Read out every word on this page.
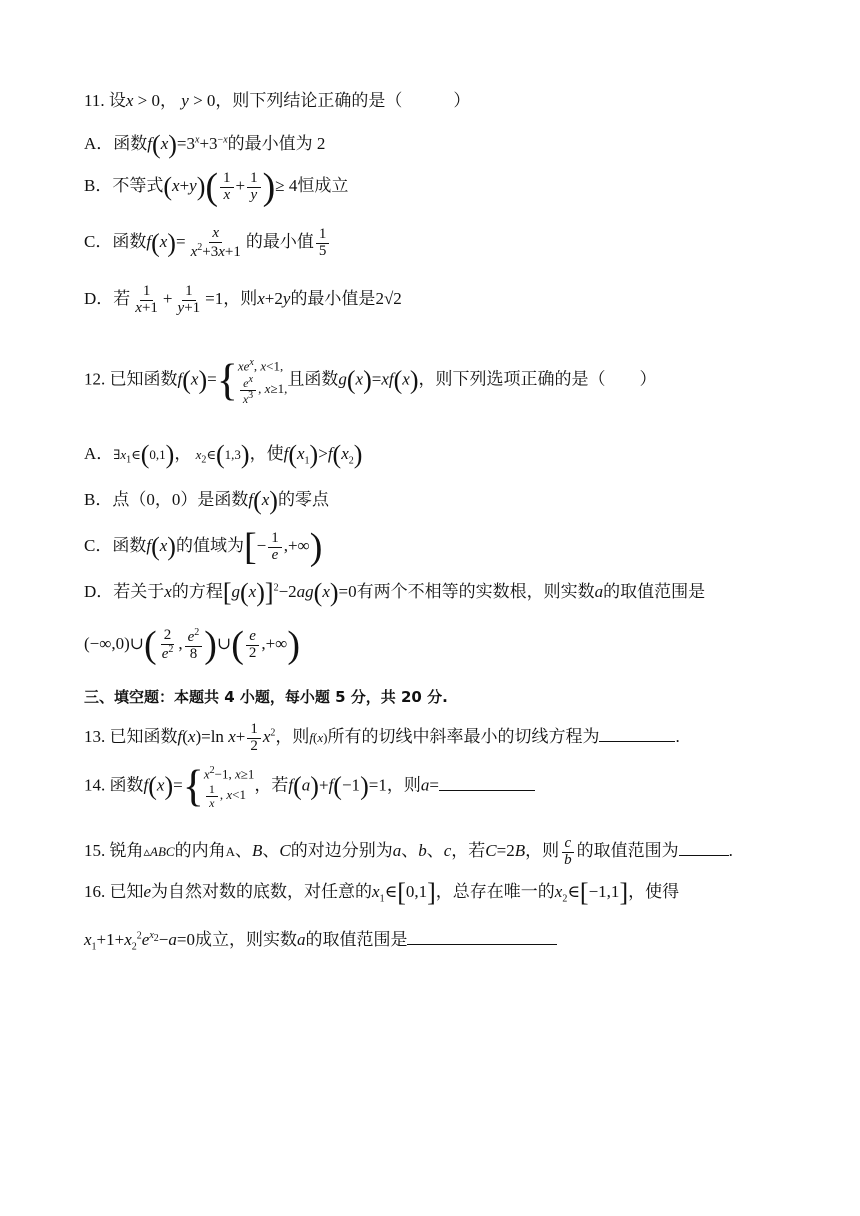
11. 设x > 0， y > 0，则下列结论正确的是（　　　）
A．函数$f(x)=3^x+3^{-x}$的最小值为 2
B．不等式$(x+y)( \frac{1}{x} + \frac{1}{y}$ )≥ 4恒成立
C．函数$f(x)= \frac{x}{x^2+3x+1}$ 的最小值 $\frac{1}{5}$
D．若 $\frac{1}{x+1} + \frac{1}{y+1} =1$，则x+2y的最小值是2√2
12. 已知函数f(x)={ $xe^x$, x<1,
$\frac{e^x}{x^3}$ , x≥1,
且函数g(x)=xf(x)，则下列选项正确的是（　　）
A．$\exists x_1\in(0,1)$， $x_2\in(1,3)$，使$f(x_1)>f(x_2)$
B．点（0，0）是函数f(x)的零点
C．函数f(x)的值域为[− $\frac{1}{e}$ ,+∞)
D．若关于x的方程$[g(x)]^2-2ag(x)=0$有两个不相等的实数根，则实数a的取值范围是
(−∞,0)∪( $\frac{2}{e^2}$ , $\frac{e^2}{8}$ )∪( $\frac{e}{2}$ ,+∞)
三、填空题：本题共 4 小题，每小题 5 分，共 20 分.
13. 已知函数f(x)=ln $x+ \frac{1}{2} x^2$，则f(x)所有的切线中斜率最小的切线方程为	.
14. 函数f(x)={ $x^2-1$, x≥1
$\frac{1}{x}$ , x<1
，若f(a)+f(−1)=1，则a=
15. 锐角▵ABC的内角A、B、C的对边分别为a、b、c，若C=2B，则 $\frac{c}{b}$ 的取值范围为	.
16. 已知e为自然对数的底数，对任意的$x_1\in[0,1]$，总存在唯一的$x_2\in[-1,1]$，使得
$x_1+1+x_2^2e^{x_2}-a=0$成立，则实数a的取值范围是
